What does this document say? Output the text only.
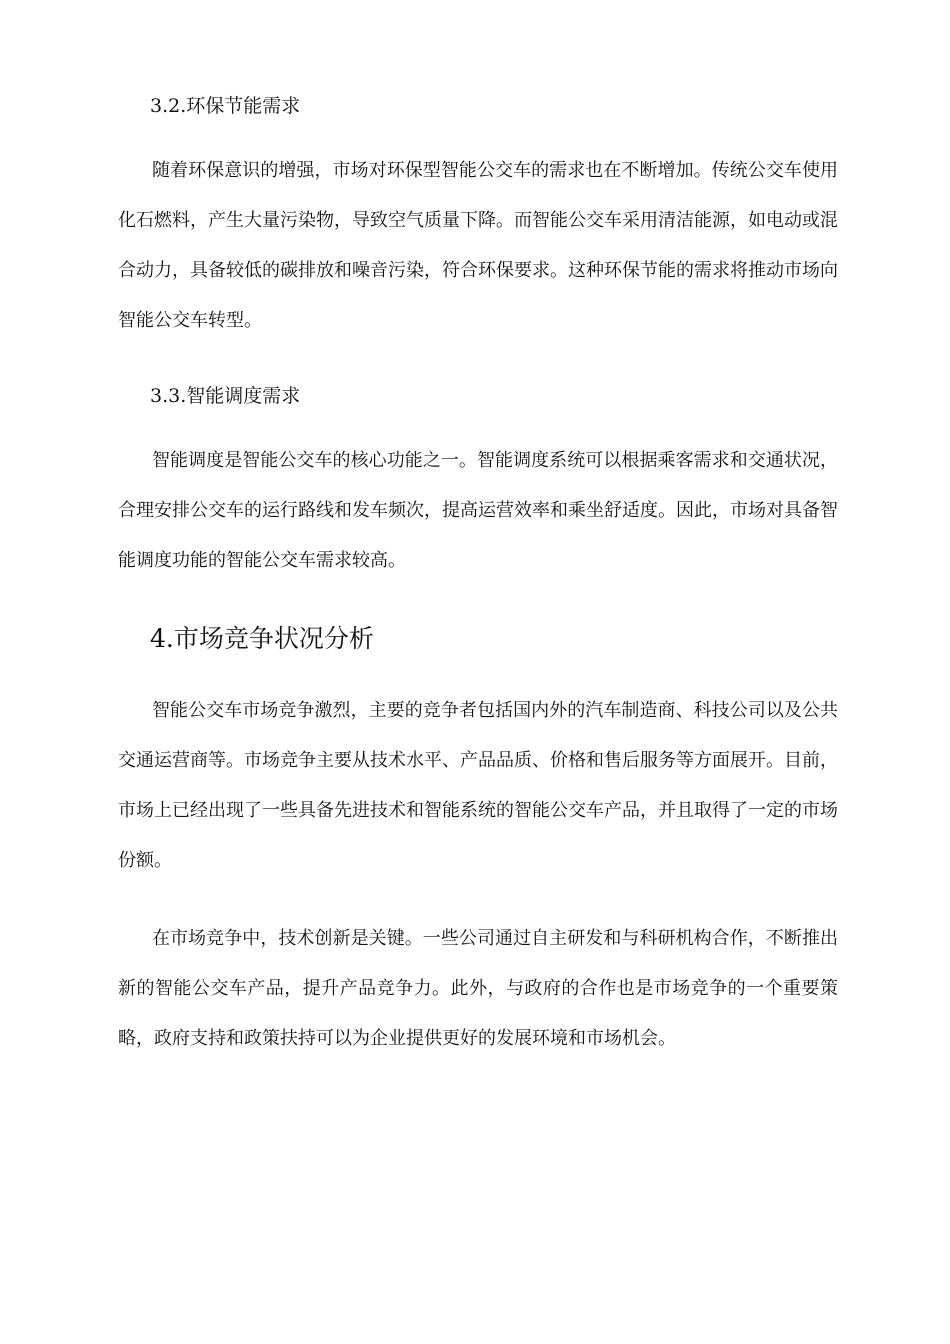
3.2.环保节能需求

随着环保意识的增强，市场对环保型智能公交车的需求也在不断增加。传统公交车使用化石燃料，产生大量污染物，导致空气质量下降。而智能公交车采用清洁能源，如电动或混合动力，具备较低的碳排放和噪音污染，符合环保要求。这种环保节能的需求将推动市场向智能公交车转型。

3.3.智能调度需求

智能调度是智能公交车的核心功能之一。智能调度系统可以根据乘客需求和交通状况，合理安排公交车的运行路线和发车频次，提高运营效率和乘坐舒适度。因此，市场对具备智能调度功能的智能公交车需求较高。

4.市场竞争状况分析

智能公交车市场竞争激烈，主要的竞争者包括国内外的汽车制造商、科技公司以及公共交通运营商等。市场竞争主要从技术水平、产品品质、价格和售后服务等方面展开。目前，市场上已经出现了一些具备先进技术和智能系统的智能公交车产品，并且取得了一定的市场份额。

在市场竞争中，技术创新是关键。一些公司通过自主研发和与科研机构合作，不断推出新的智能公交车产品，提升产品竞争力。此外，与政府的合作也是市场竞争的一个重要策略，政府支持和政策扶持可以为企业提供更好的发展环境和市场机会。
